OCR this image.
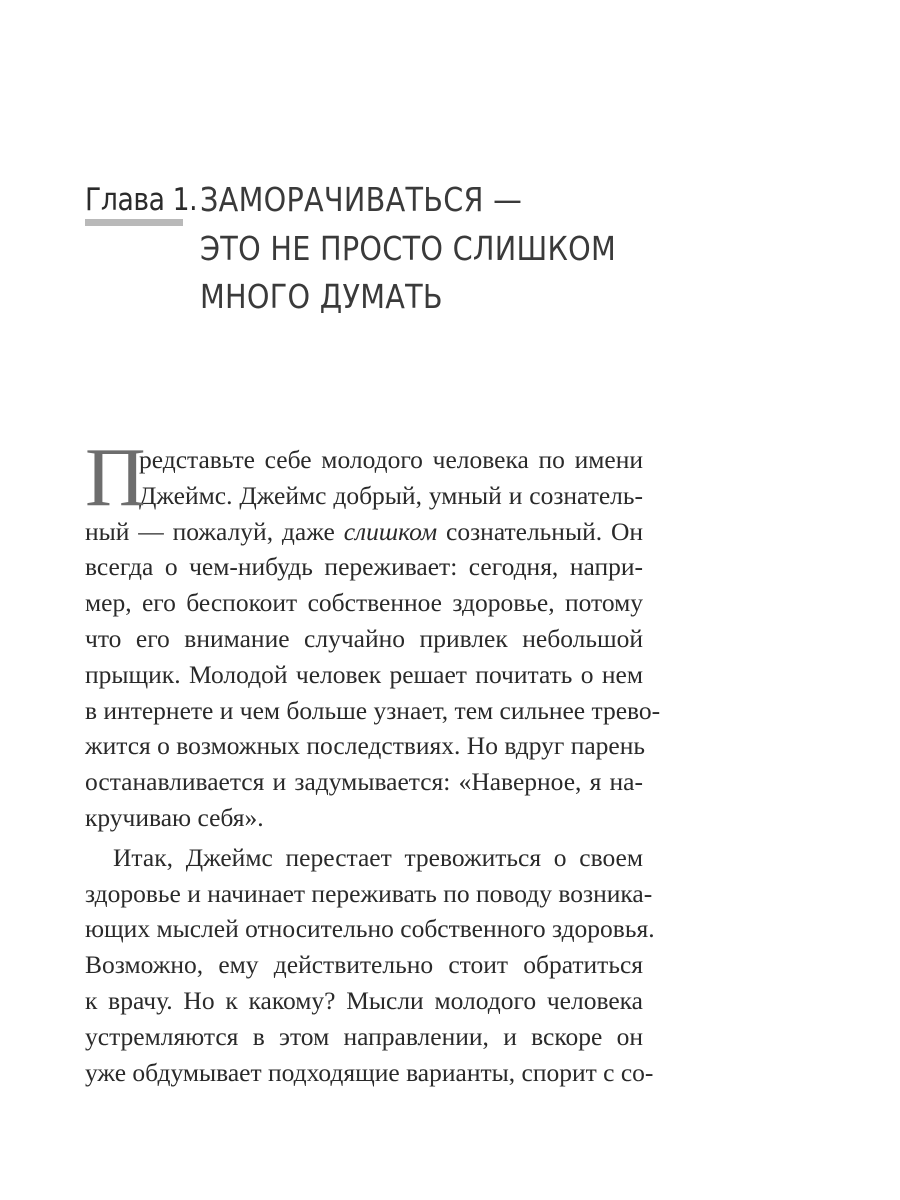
Глава 1. ЗАМОРАЧИВАТЬСЯ —
ЭТО НЕ ПРОСТО СЛИШКОМ
МНОГО ДУМАТЬ
П
редставьте себе молодого человека по имени
Джеймс. Джеймс добрый, умный и сознатель-
ный — пожалуй, даже слишком сознательный. Он
всегда о чем-нибудь переживает: сегодня, напри-
мер, его беспокоит собственное здоровье, потому
что его внимание случайно привлек небольшой
прыщик. Молодой человек решает почитать о нем
в интернете и чем больше узнает, тем сильнее трево-
жится о возможных последствиях. Но вдруг парень
останавливается и задумывается: «Наверное, я на-
кручиваю себя».
Итак, Джеймс перестает тревожиться о своем
здоровье и начинает переживать по поводу возника-
ющих мыслей относительно собственного здоровья.
Возможно, ему действительно стоит обратиться
к врачу. Но к какому? Мысли молодого человека
устремляются в этом направлении, и вскоре он
уже обдумывает подходящие варианты, спорит с со-
